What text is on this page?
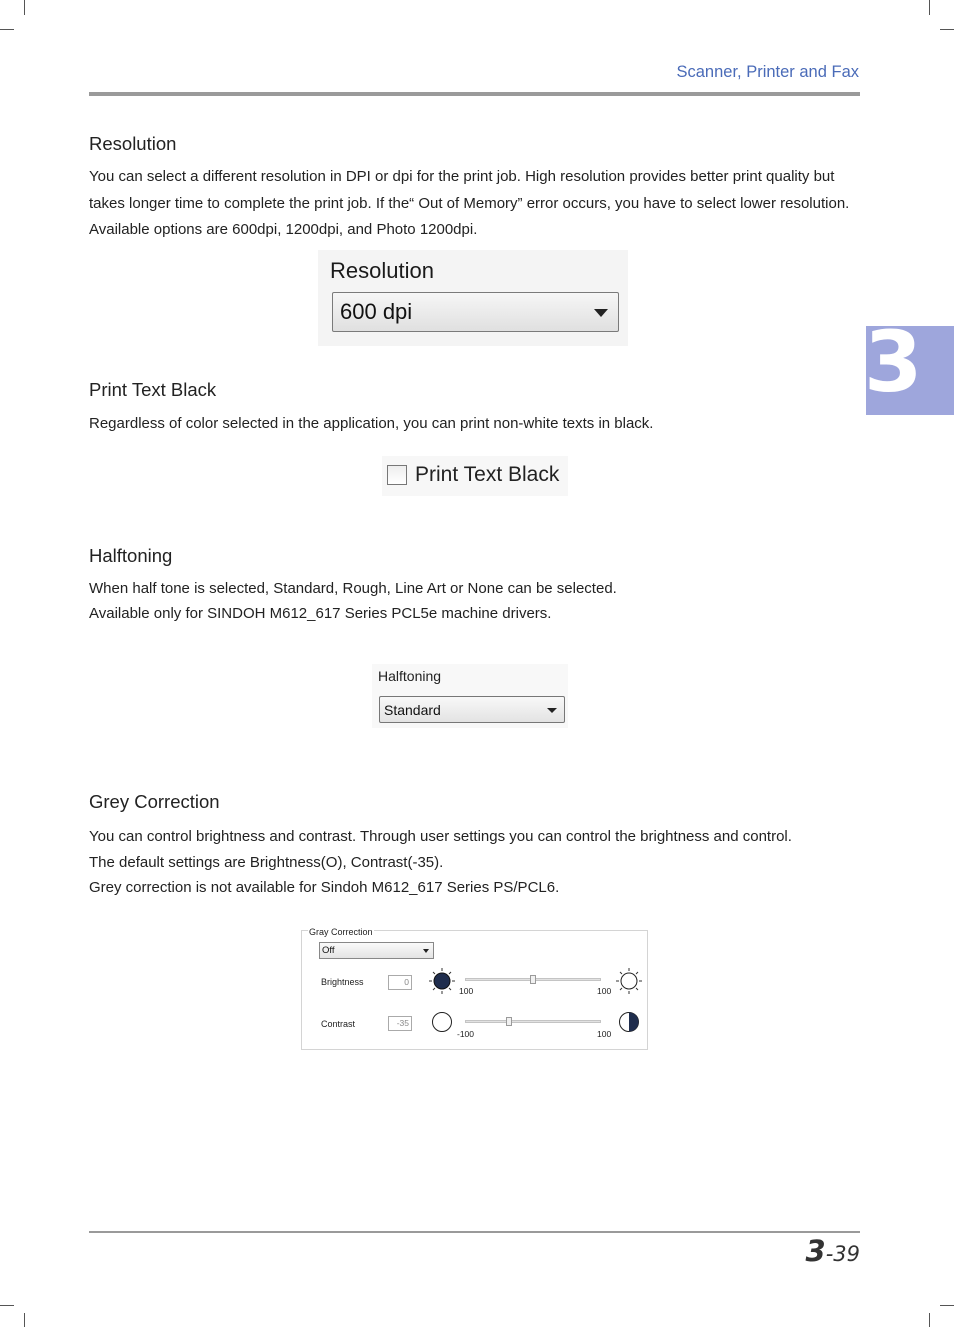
Scanner, Printer and Fax
3
Resolution
You can select a different resolution in DPI or dpi for the print job. High resolution provides better print quality but takes longer time to complete the print job. If the“ Out of Memory” error occurs, you have to select lower resolution. Available options are 600dpi, 1200dpi, and Photo 1200dpi.
Resolution
600 dpi
Print Text Black
Regardless of color selected in the application, you can print non-white texts in black.
Print Text Black
Halftoning
When half tone is selected, Standard, Rough, Line Art or None can be selected.
Available only for SINDOH M612_617 Series PCL5e machine drivers.
Halftoning
Standard
Grey Correction
You can control brightness and contrast. Through user settings you can control the brightness and control.
The default settings are Brightness(O), Contrast(-35).
Grey correction is not available for Sindoh M612_617 Series PS/PCL6.
Gray Correction
Off
Brightness	0
100	100
Contrast	-35
-100	100
3-39
